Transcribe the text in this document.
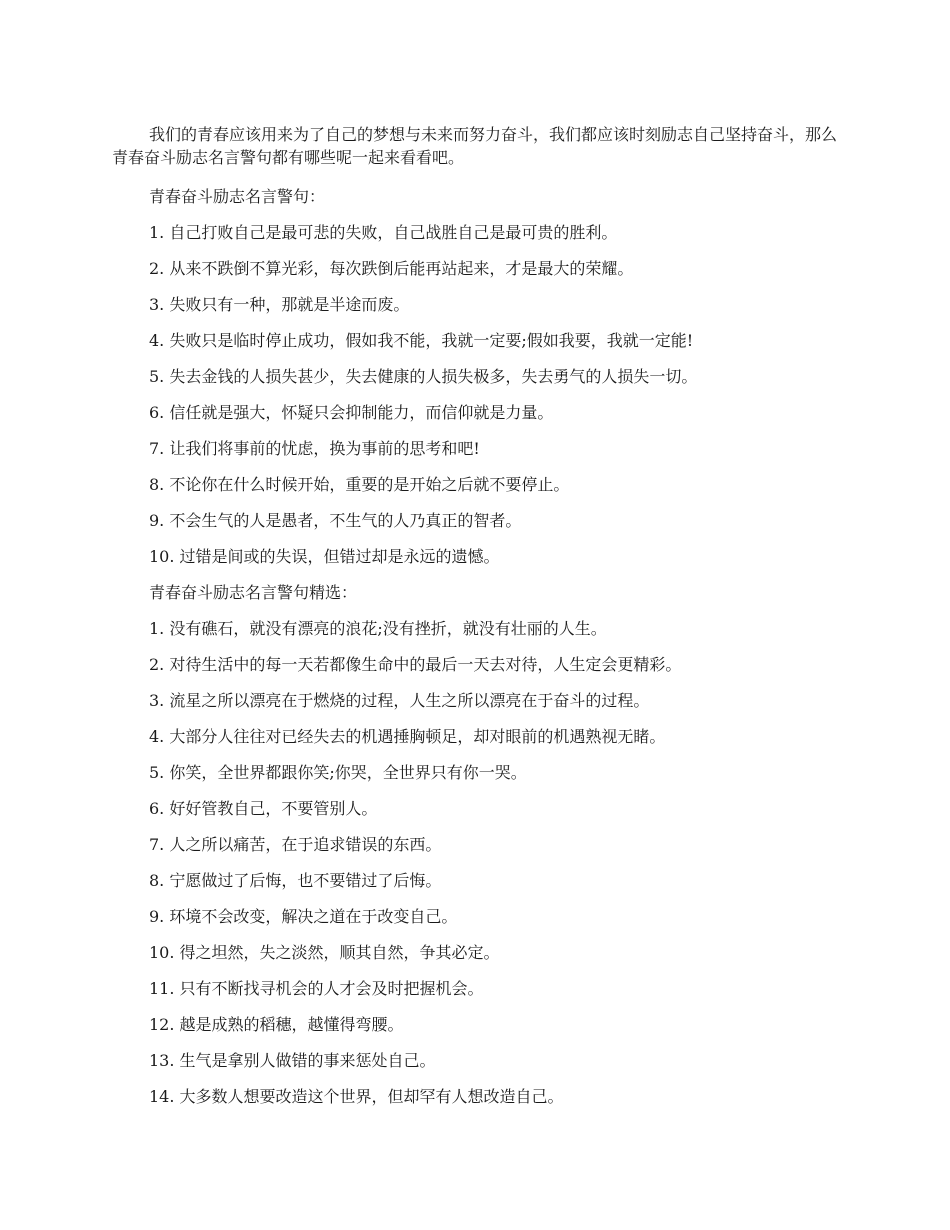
我们的青春应该用来为了自己的梦想与未来而努力奋斗，我们都应该时刻励志自己坚持奋斗，那么青春奋斗励志名言警句都有哪些呢一起来看看吧。

青春奋斗励志名言警句：

1. 自己打败自己是最可悲的失败，自己战胜自己是最可贵的胜利。

2. 从来不跌倒不算光彩，每次跌倒后能再站起来，才是最大的荣耀。

3. 失败只有一种，那就是半途而废。

4. 失败只是临时停止成功，假如我不能，我就一定要;假如我要，我就一定能!

5. 失去金钱的人损失甚少，失去健康的人损失极多，失去勇气的人损失一切。

6. 信任就是强大，怀疑只会抑制能力，而信仰就是力量。

7. 让我们将事前的忧虑，换为事前的思考和吧!

8. 不论你在什么时候开始，重要的是开始之后就不要停止。

9. 不会生气的人是愚者，不生气的人乃真正的智者。

10. 过错是间或的失误，但错过却是永远的遗憾。

青春奋斗励志名言警句精选：

1. 没有礁石，就没有漂亮的浪花;没有挫折，就没有壮丽的人生。

2. 对待生活中的每一天若都像生命中的最后一天去对待，人生定会更精彩。

3. 流星之所以漂亮在于燃烧的过程，人生之所以漂亮在于奋斗的过程。

4. 大部分人往往对已经失去的机遇捶胸顿足，却对眼前的机遇熟视无睹。

5. 你笑，全世界都跟你笑;你哭，全世界只有你一哭。

6. 好好管教自己，不要管别人。

7. 人之所以痛苦，在于追求错误的东西。

8. 宁愿做过了后悔，也不要错过了后悔。

9. 环境不会改变，解决之道在于改变自己。

10. 得之坦然，失之淡然，顺其自然，争其必定。

11. 只有不断找寻机会的人才会及时把握机会。

12. 越是成熟的稻穗，越懂得弯腰。

13. 生气是拿别人做错的事来惩处自己。

14. 大多数人想要改造这个世界，但却罕有人想改造自己。
